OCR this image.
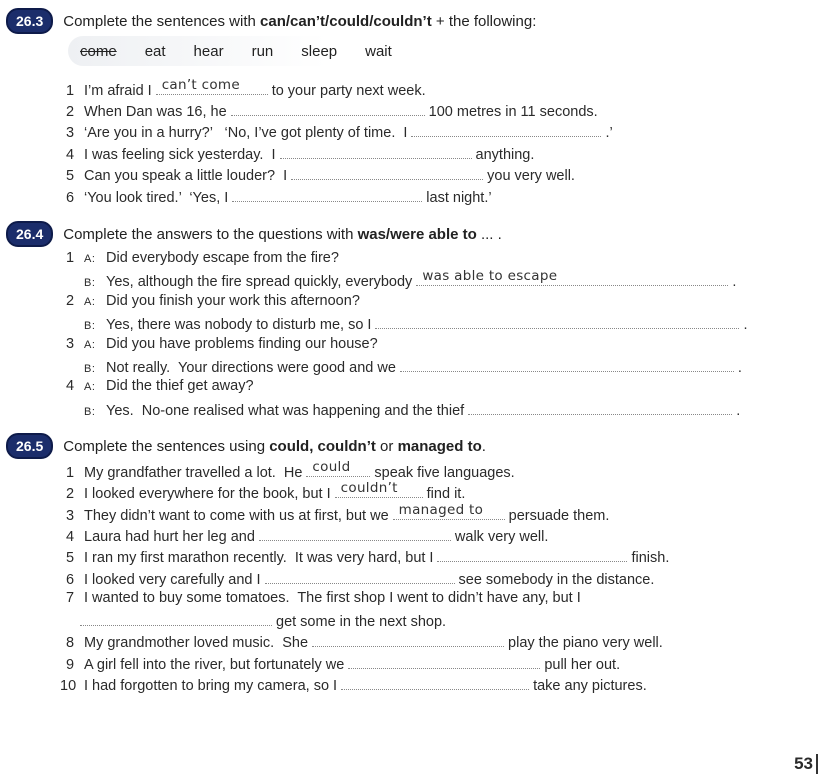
26.3	Complete the sentences with can/can’t/could/couldn’t + the following:
come eat hear run sleep wait
1 I’m afraid I can’t come to your party next week.
2 When Dan was 16, he	100 metres in 11 seconds.
3 ‘Are you in a hurry?’   ‘No, I’ve got plenty of time.  I	.’
4 I was feeling sick yesterday.  I	anything.
5 Can you speak a little louder?  I	you very well.
6 ‘You look tired.’  ‘Yes, I	last night.’
26.4	Complete the answers to the questions with was/were able to ... .
1 A: Did everybody escape from the fire?
B: Yes, although the fire spread quickly, everybody was able to escape	.
2 A: Did you finish your work this afternoon?
B: Yes, there was nobody to disturb me, so I	.
3 A: Did you have problems finding our house?
B: Not really.  Your directions were good and we	.
4 A: Did the thief get away?
B: Yes.  No-one realised what was happening and the thief	.
26.5	Complete the sentences using could, couldn’t or managed to.
1 My grandfather travelled a lot.  He could speak five languages.
2 I looked everywhere for the book, but I couldn’t find it.
3 They didn’t want to come with us at first, but we managed to persuade them.
4 Laura had hurt her leg and	walk very well.
5 I ran my first marathon recently.  It was very hard, but I	finish.
6 I looked very carefully and I	see somebody in the distance.
7 I wanted to buy some tomatoes.  The first shop I went to didn’t have any, but I
get some in the next shop.
8 My grandmother loved music.  She	play the piano very well.
9 A girl fell into the river, but fortunately we	pull her out.
10 I had forgotten to bring my camera, so I	take any pictures.
53
